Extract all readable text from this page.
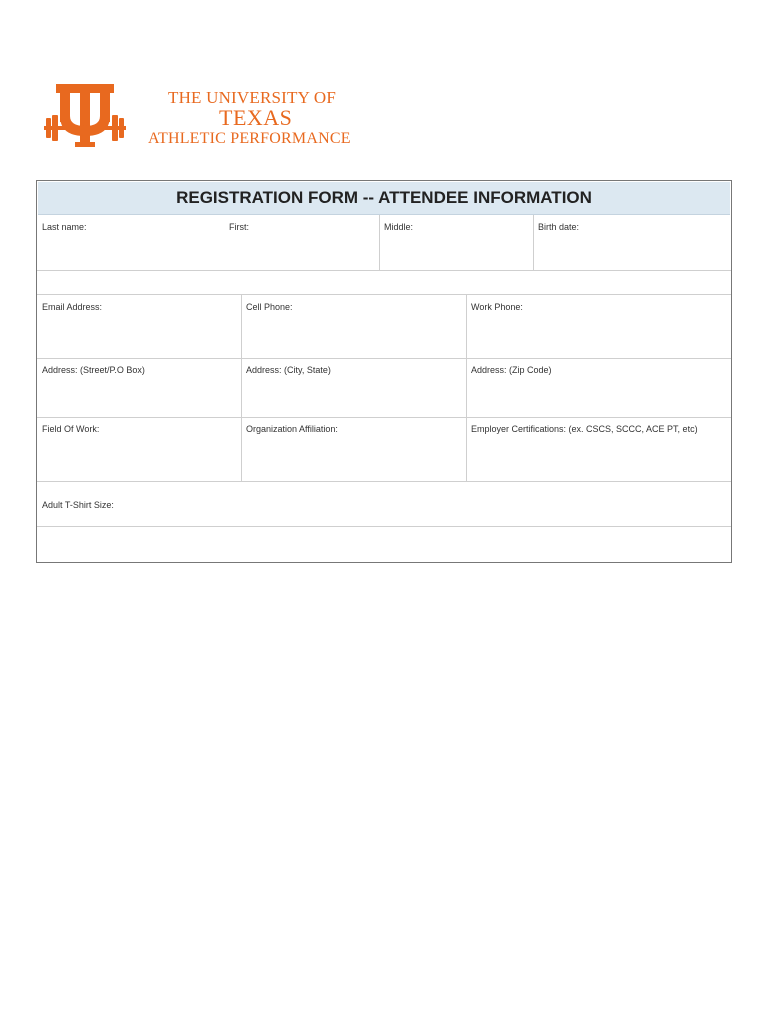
THE UNIVERSITY OF
TEXAS
ATHLETIC PERFORMANCE
REGISTRATION FORM -- ATTENDEE INFORMATION
Last name:	First:	Middle:	Birth date:
Email Address:	Cell Phone:	Work Phone:
Address: (Street/P.O Box)	Address: (City, State)	Address: (Zip Code)
Field Of Work:	Organization Affiliation:	Employer Certifications: (ex. CSCS, SCCC, ACE PT, etc)
Adult T-Shirt Size:
